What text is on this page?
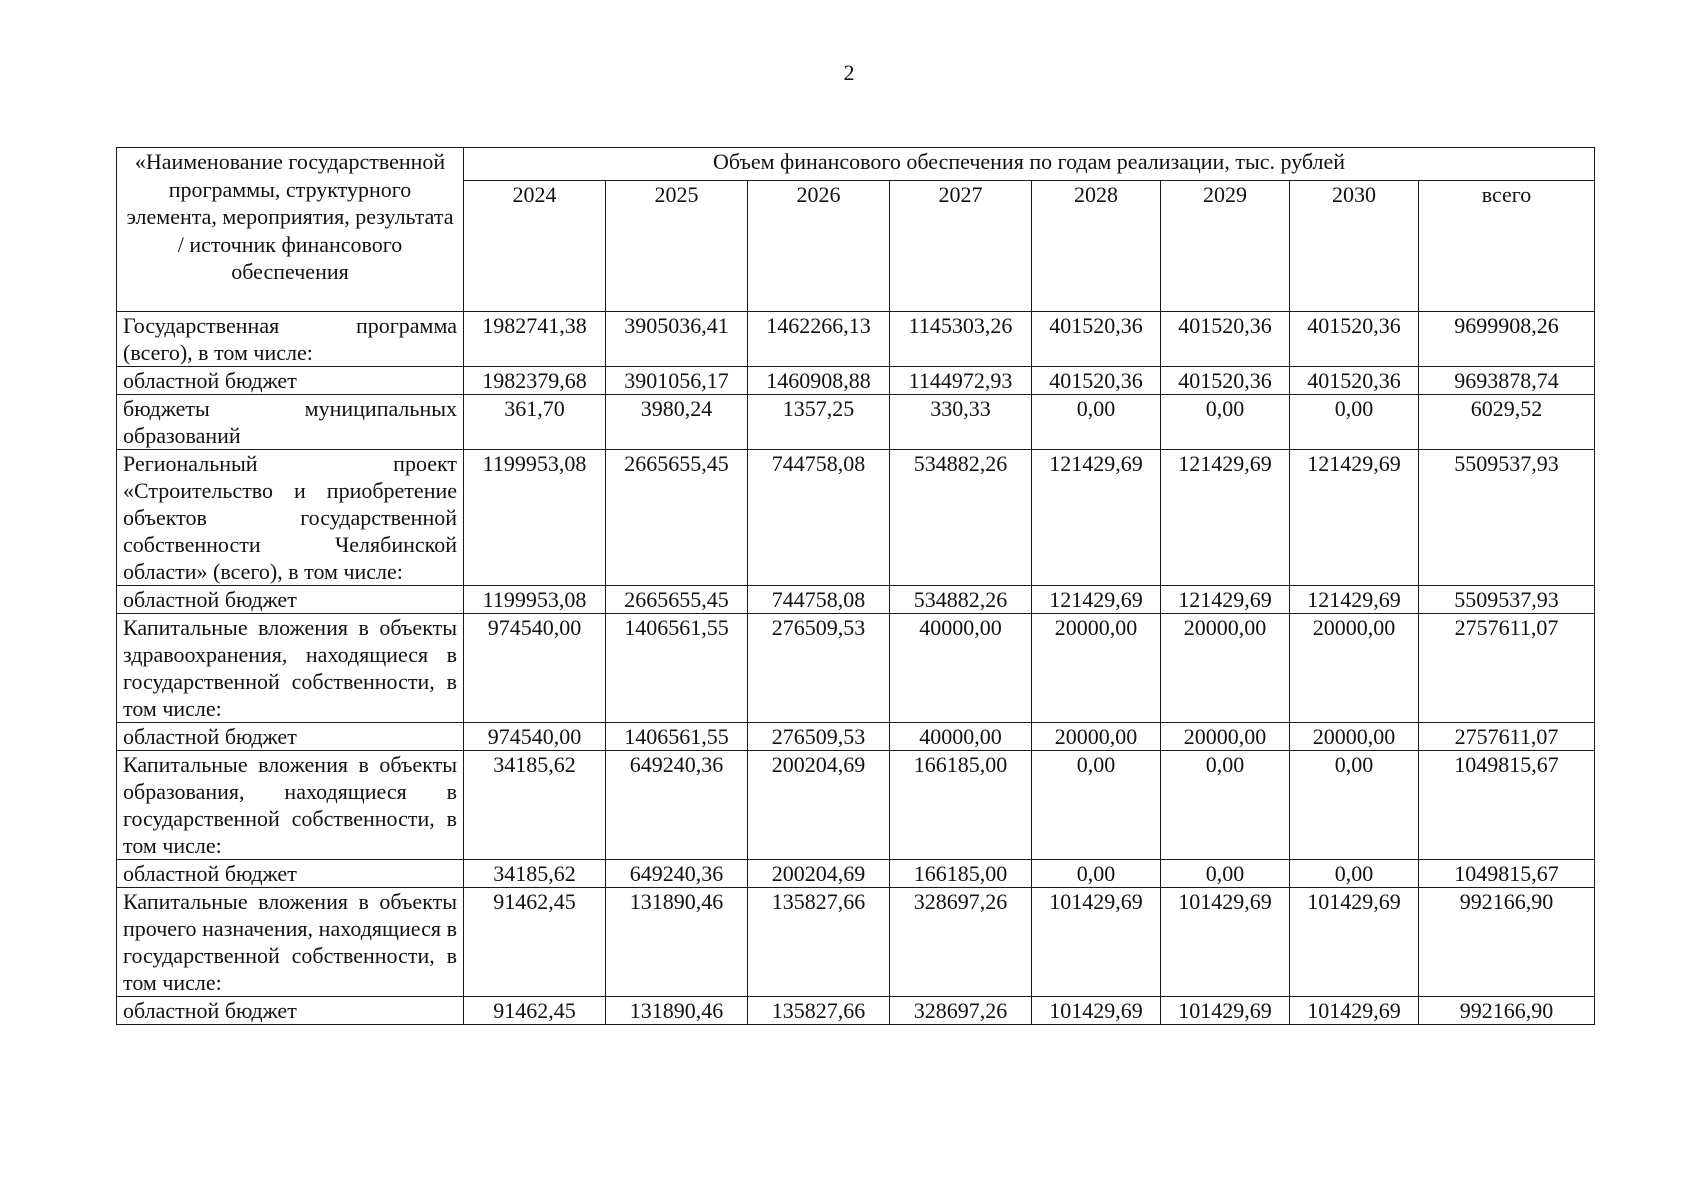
2
«Наименование государственной программы, структурного элемента, мероприятия, результата / источник финансового обеспечения	Объем финансового обеспечения по годам реализации, тыс. рублей							
	2024	2025	2026	2027	2028	2029	2030	всего
Государственная программа (всего), в том числе:	1982741,38	3905036,41	1462266,13	1145303,26	401520,36	401520,36	401520,36	9699908,26
областной бюджет	1982379,68	3901056,17	1460908,88	1144972,93	401520,36	401520,36	401520,36	9693878,74
бюджеты муниципальных образований	361,70	3980,24	1357,25	330,33	0,00	0,00	0,00	6029,52
Региональный проект «Строительство и приобретение объектов государственной собственности Челябинской области» (всего), в том числе:	1199953,08	2665655,45	744758,08	534882,26	121429,69	121429,69	121429,69	5509537,93
областной бюджет	1199953,08	2665655,45	744758,08	534882,26	121429,69	121429,69	121429,69	5509537,93
Капитальные вложения в объекты здравоохранения, находящиеся в государственной собственности, в том числе:	974540,00	1406561,55	276509,53	40000,00	20000,00	20000,00	20000,00	2757611,07
областной бюджет	974540,00	1406561,55	276509,53	40000,00	20000,00	20000,00	20000,00	2757611,07
Капитальные вложения в объекты образования, находящиеся в государственной собственности, в том числе:	34185,62	649240,36	200204,69	166185,00	0,00	0,00	0,00	1049815,67
областной бюджет	34185,62	649240,36	200204,69	166185,00	0,00	0,00	0,00	1049815,67
Капитальные вложения в объекты прочего назначения, находящиеся в государственной собственности, в том числе:	91462,45	131890,46	135827,66	328697,26	101429,69	101429,69	101429,69	992166,90
областной бюджет	91462,45	131890,46	135827,66	328697,26	101429,69	101429,69	101429,69	992166,90
